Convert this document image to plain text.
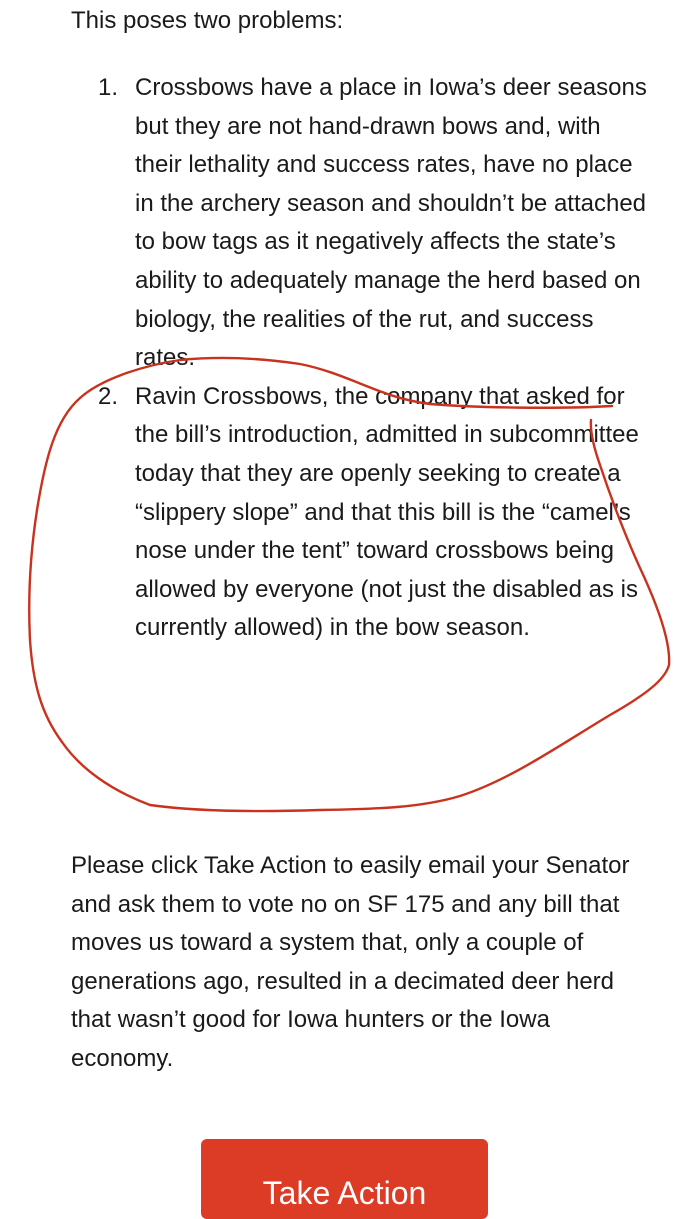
This poses two problems:

1. Crossbows have a place in Iowa’s deer seasons but they are not hand-drawn bows and, with their lethality and success rates, have no place in the archery season and shouldn’t be attached to bow tags as it negatively affects the state’s ability to adequately manage the herd based on biology, the realities of the rut, and success rates.
2. Ravin Crossbows, the company that asked for the bill’s introduction, admitted in subcommittee today that they are openly seeking to create a “slippery slope” and that this bill is the “camel’s nose under the tent” toward crossbows being allowed by everyone (not just the disabled as is currently allowed) in the bow season.

Please click Take Action to easily email your Senator and ask them to vote no on SF 175 and any bill that moves us toward a system that, only a couple of generations ago, resulted in a decimated deer herd that wasn’t good for Iowa hunters or the Iowa economy.

Take Action
